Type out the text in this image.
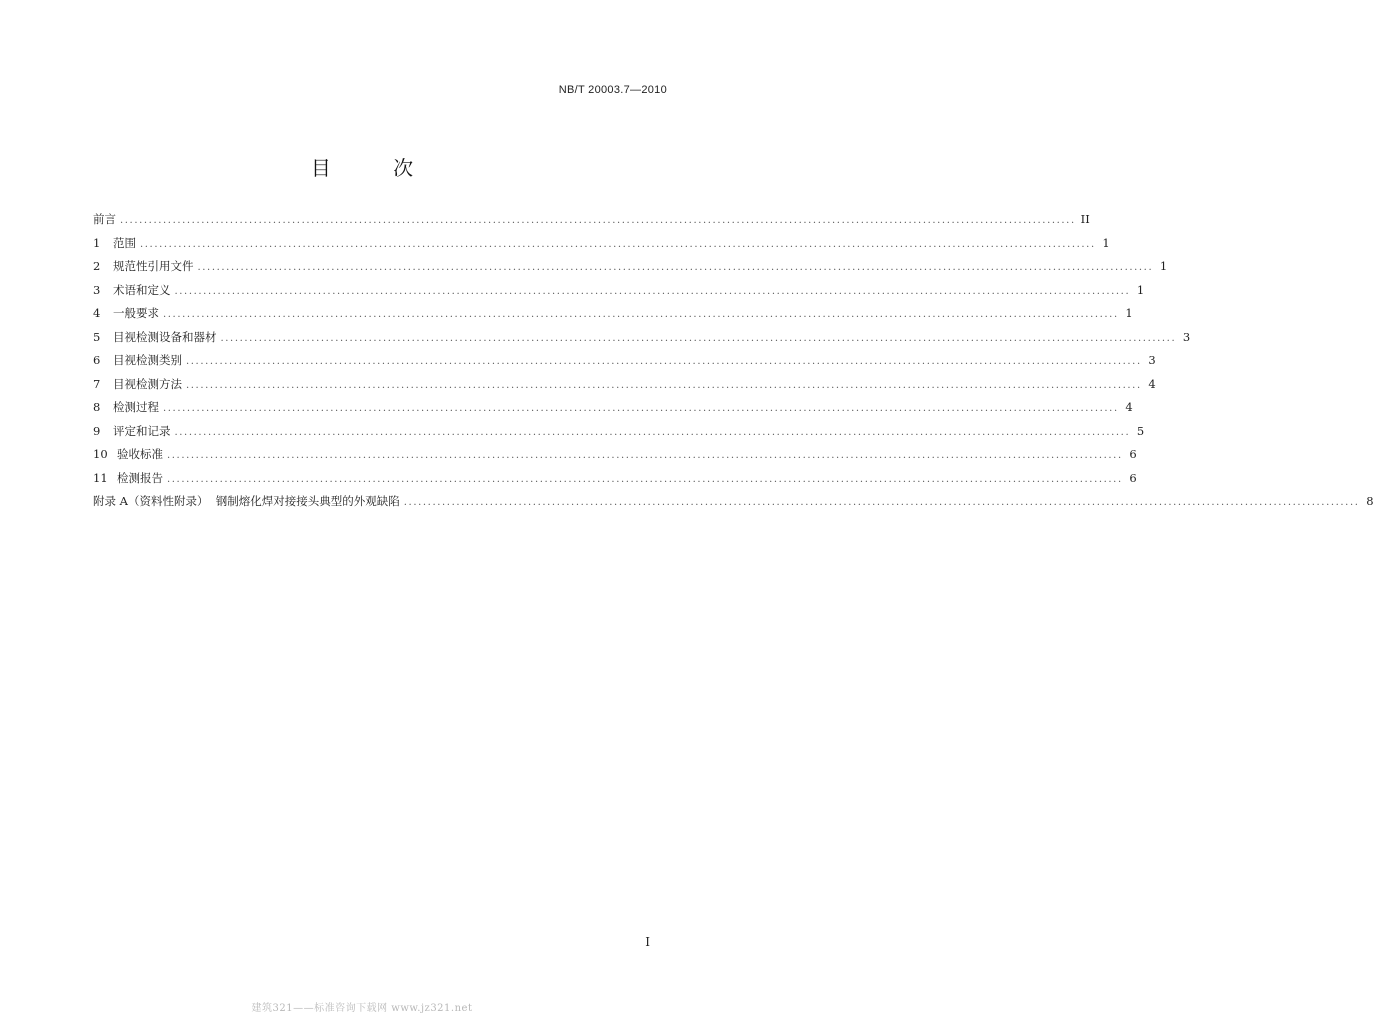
NB/T 20003.7—2010
目 次
前言 ........................................................................................................................................................................................................ II
1	范围 ........................................................................................................................................................................................................ 1
2	规范性引用文件 ........................................................................................................................................................................................................ 1
3	术语和定义 ........................................................................................................................................................................................................ 1
4	一般要求 ........................................................................................................................................................................................................ 1
5	目视检测设备和器材 ........................................................................................................................................................................................................ 3
6	目视检测类别 ........................................................................................................................................................................................................ 3
7	目视检测方法 ........................................................................................................................................................................................................ 4
8	检测过程 ........................................................................................................................................................................................................ 4
9	评定和记录 ........................................................................................................................................................................................................ 5
10 验收标准 ........................................................................................................................................................................................................ 6
11 检测报告 ........................................................................................................................................................................................................ 6
附录 A（资料性附录）  钢制熔化焊对接接头典型的外观缺陷 ........................................................................................................................................................................................................ 8
I
建筑321——标准咨询下载网 www.jz321.net
